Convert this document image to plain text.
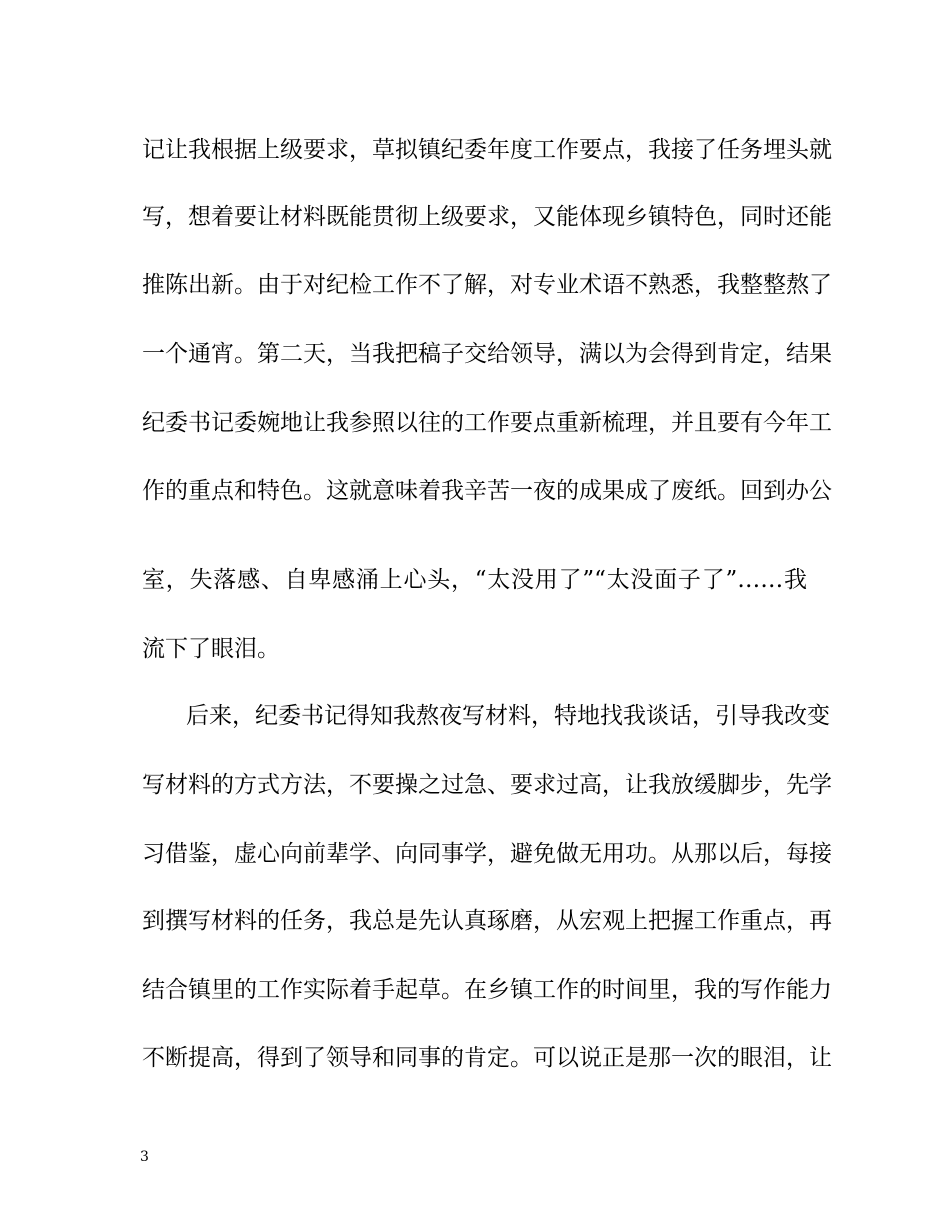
记让我根据上级要求，草拟镇纪委年度工作要点，我接了任务埋头就
写，想着要让材料既能贯彻上级要求，又能体现乡镇特色，同时还能
推陈出新。由于对纪检工作不了解，对专业术语不熟悉，我整整熬了
一个通宵。第二天，当我把稿子交给领导，满以为会得到肯定，结果
纪委书记委婉地让我参照以往的工作要点重新梳理，并且要有今年工
作的重点和特色。这就意味着我辛苦一夜的成果成了废纸。回到办公
室，失落感、自卑感涌上心头，“太没用了”“太没面子了”……我
流下了眼泪。
后来，纪委书记得知我熬夜写材料，特地找我谈话，引导我改变
写材料的方式方法，不要操之过急、要求过高，让我放缓脚步，先学
习借鉴，虚心向前辈学、向同事学，避免做无用功。从那以后，每接
到撰写材料的任务，我总是先认真琢磨，从宏观上把握工作重点，再
结合镇里的工作实际着手起草。在乡镇工作的时间里，我的写作能力
不断提高，得到了领导和同事的肯定。可以说正是那一次的眼泪，让
3
